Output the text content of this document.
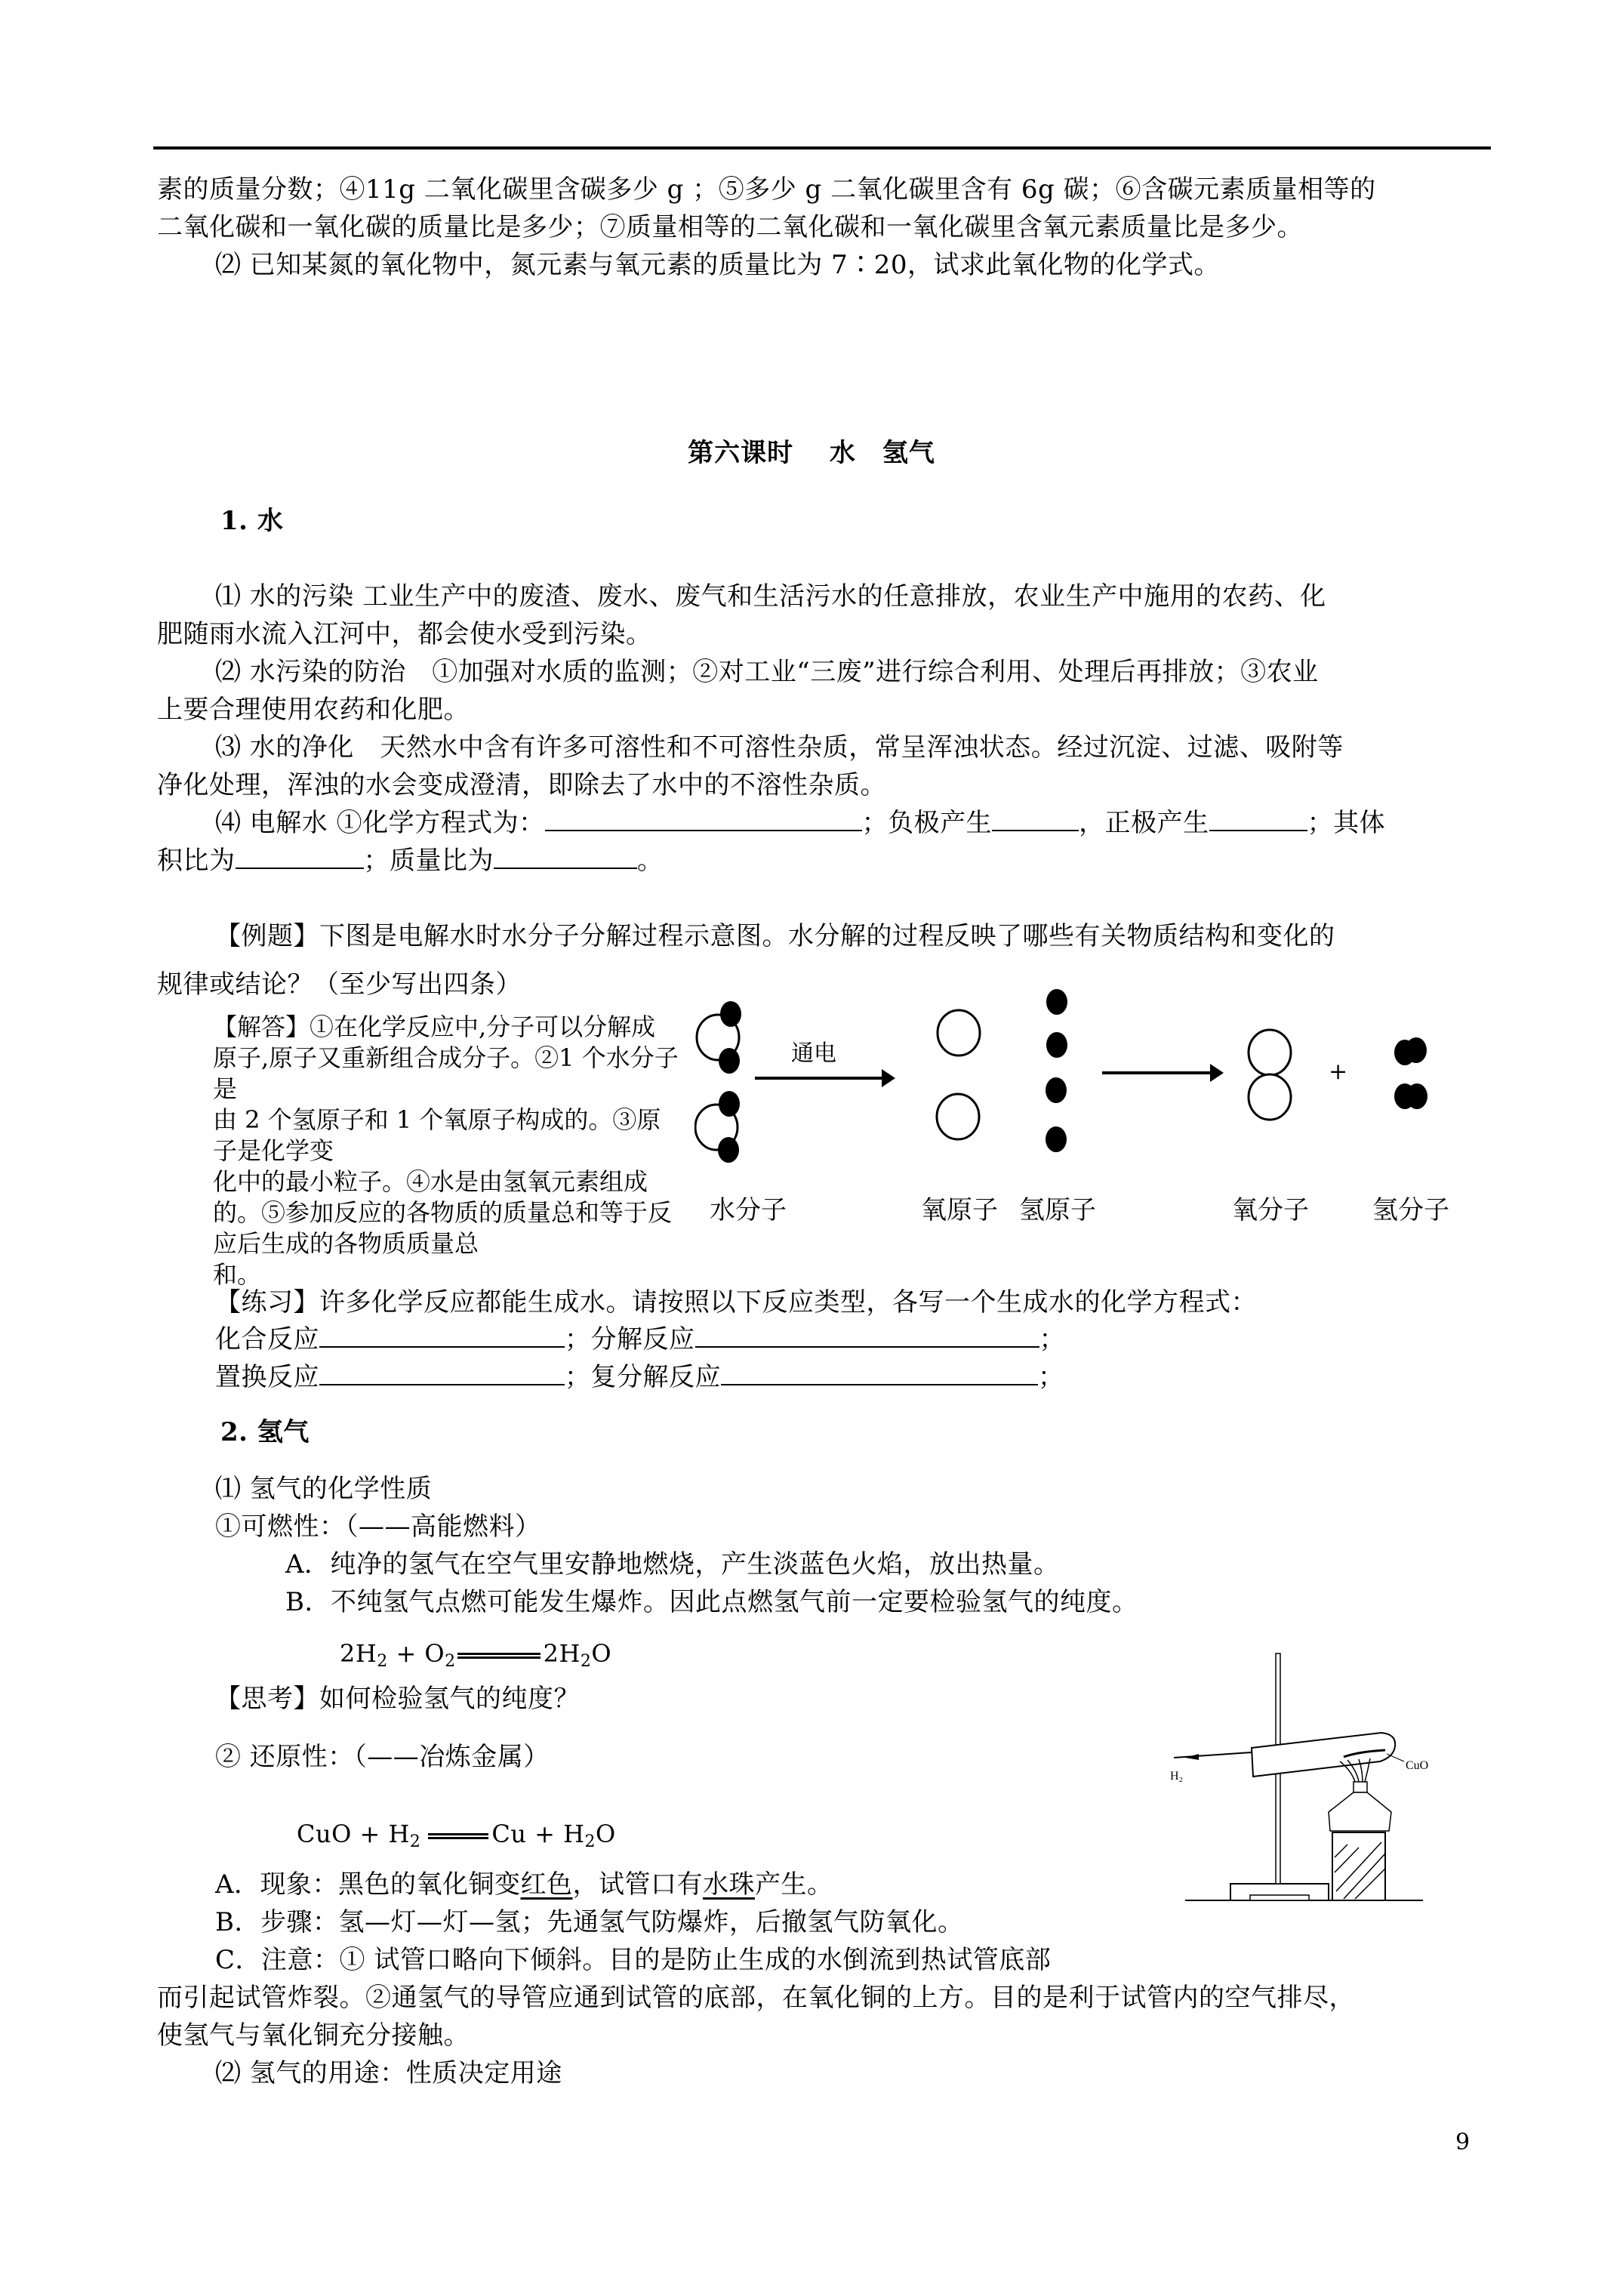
素的质量分数；④11g 二氧化碳里含碳多少 g ；⑤多少 g 二氧化碳里含有 6g 碳；⑥含碳元素质量相等的
二氧化碳和一氧化碳的质量比是多少；⑦质量相等的二氧化碳和一氧化碳里含氧元素质量比是多少。
⑵ 已知某氮的氧化物中，氮元素与氧元素的质量比为 7∶20，试求此氧化物的化学式。
第六课时　 水　氢气
1. 水
⑴ 水的污染 工业生产中的废渣、废水、废气和生活污水的任意排放，农业生产中施用的农药、化
肥随雨水流入江河中，都会使水受到污染。
⑵ 水污染的防治　①加强对水质的监测；②对工业“三废”进行综合利用、处理后再排放；③农业
上要合理使用农药和化肥。
⑶ 水的净化　天然水中含有许多可溶性和不可溶性杂质，常呈浑浊状态。经过沉淀、过滤、吸附等
净化处理，浑浊的水会变成澄清，即除去了水中的不溶性杂质。
⑷ 电解水 ①化学方程式为：	；负极产生	，正极产生	；其体
积比为	；质量比为	。
【例题】下图是电解水时水分子分解过程示意图。水分解的过程反映了哪些有关物质结构和变化的
规律或结论？（至少写出四条）
【解答】①在化学反应中,分子可以分解成
原子,原子又重新组合成分子。②1 个水分子是
由 2 个氢原子和 1 个氧原子构成的。③原子是化学变
化中的最小粒子。④水是由氢氧元素组成
的。⑤参加反应的各物质的质量总和等于反应后生成的各物质质量总
和。
通电
+
水分子	氧原子 氢原子	氧分子 氢分子
【练习】许多化学反应都能生成水。请按照以下反应类型，各写一个生成水的化学方程式：
化合反应	；分解反应	；
置换反应	；复分解反应	；
2. 氢气
⑴ 氢气的化学性质
①可燃性：（——高能燃料）
A．纯净的氢气在空气里安静地燃烧，产生淡蓝色火焰，放出热量。
B．不纯氢气点燃可能发生爆炸。因此点燃氢气前一定要检验氢气的纯度。
$2H_2 + O_2$	$2H_2O$
【思考】如何检验氢气的纯度？
② 还原性：（——冶炼金属）
CuO + $H_2$	$Cu + H_2O$
A．现象：黑色的氧化铜变红色，试管口有水珠产生。
B．步骤：氢—灯—灯—氢；先通氢气防爆炸，后撤氢气防氧化。
C．注意：① 试管口略向下倾斜。目的是防止生成的水倒流到热试管底部
而引起试管炸裂。②通氢气的导管应通到试管的底部，在氧化铜的上方。目的是利于试管内的空气排尽，
使氢气与氧化铜充分接触。
⑵ 氢气的用途：性质决定用途
H₂
CuO
9
